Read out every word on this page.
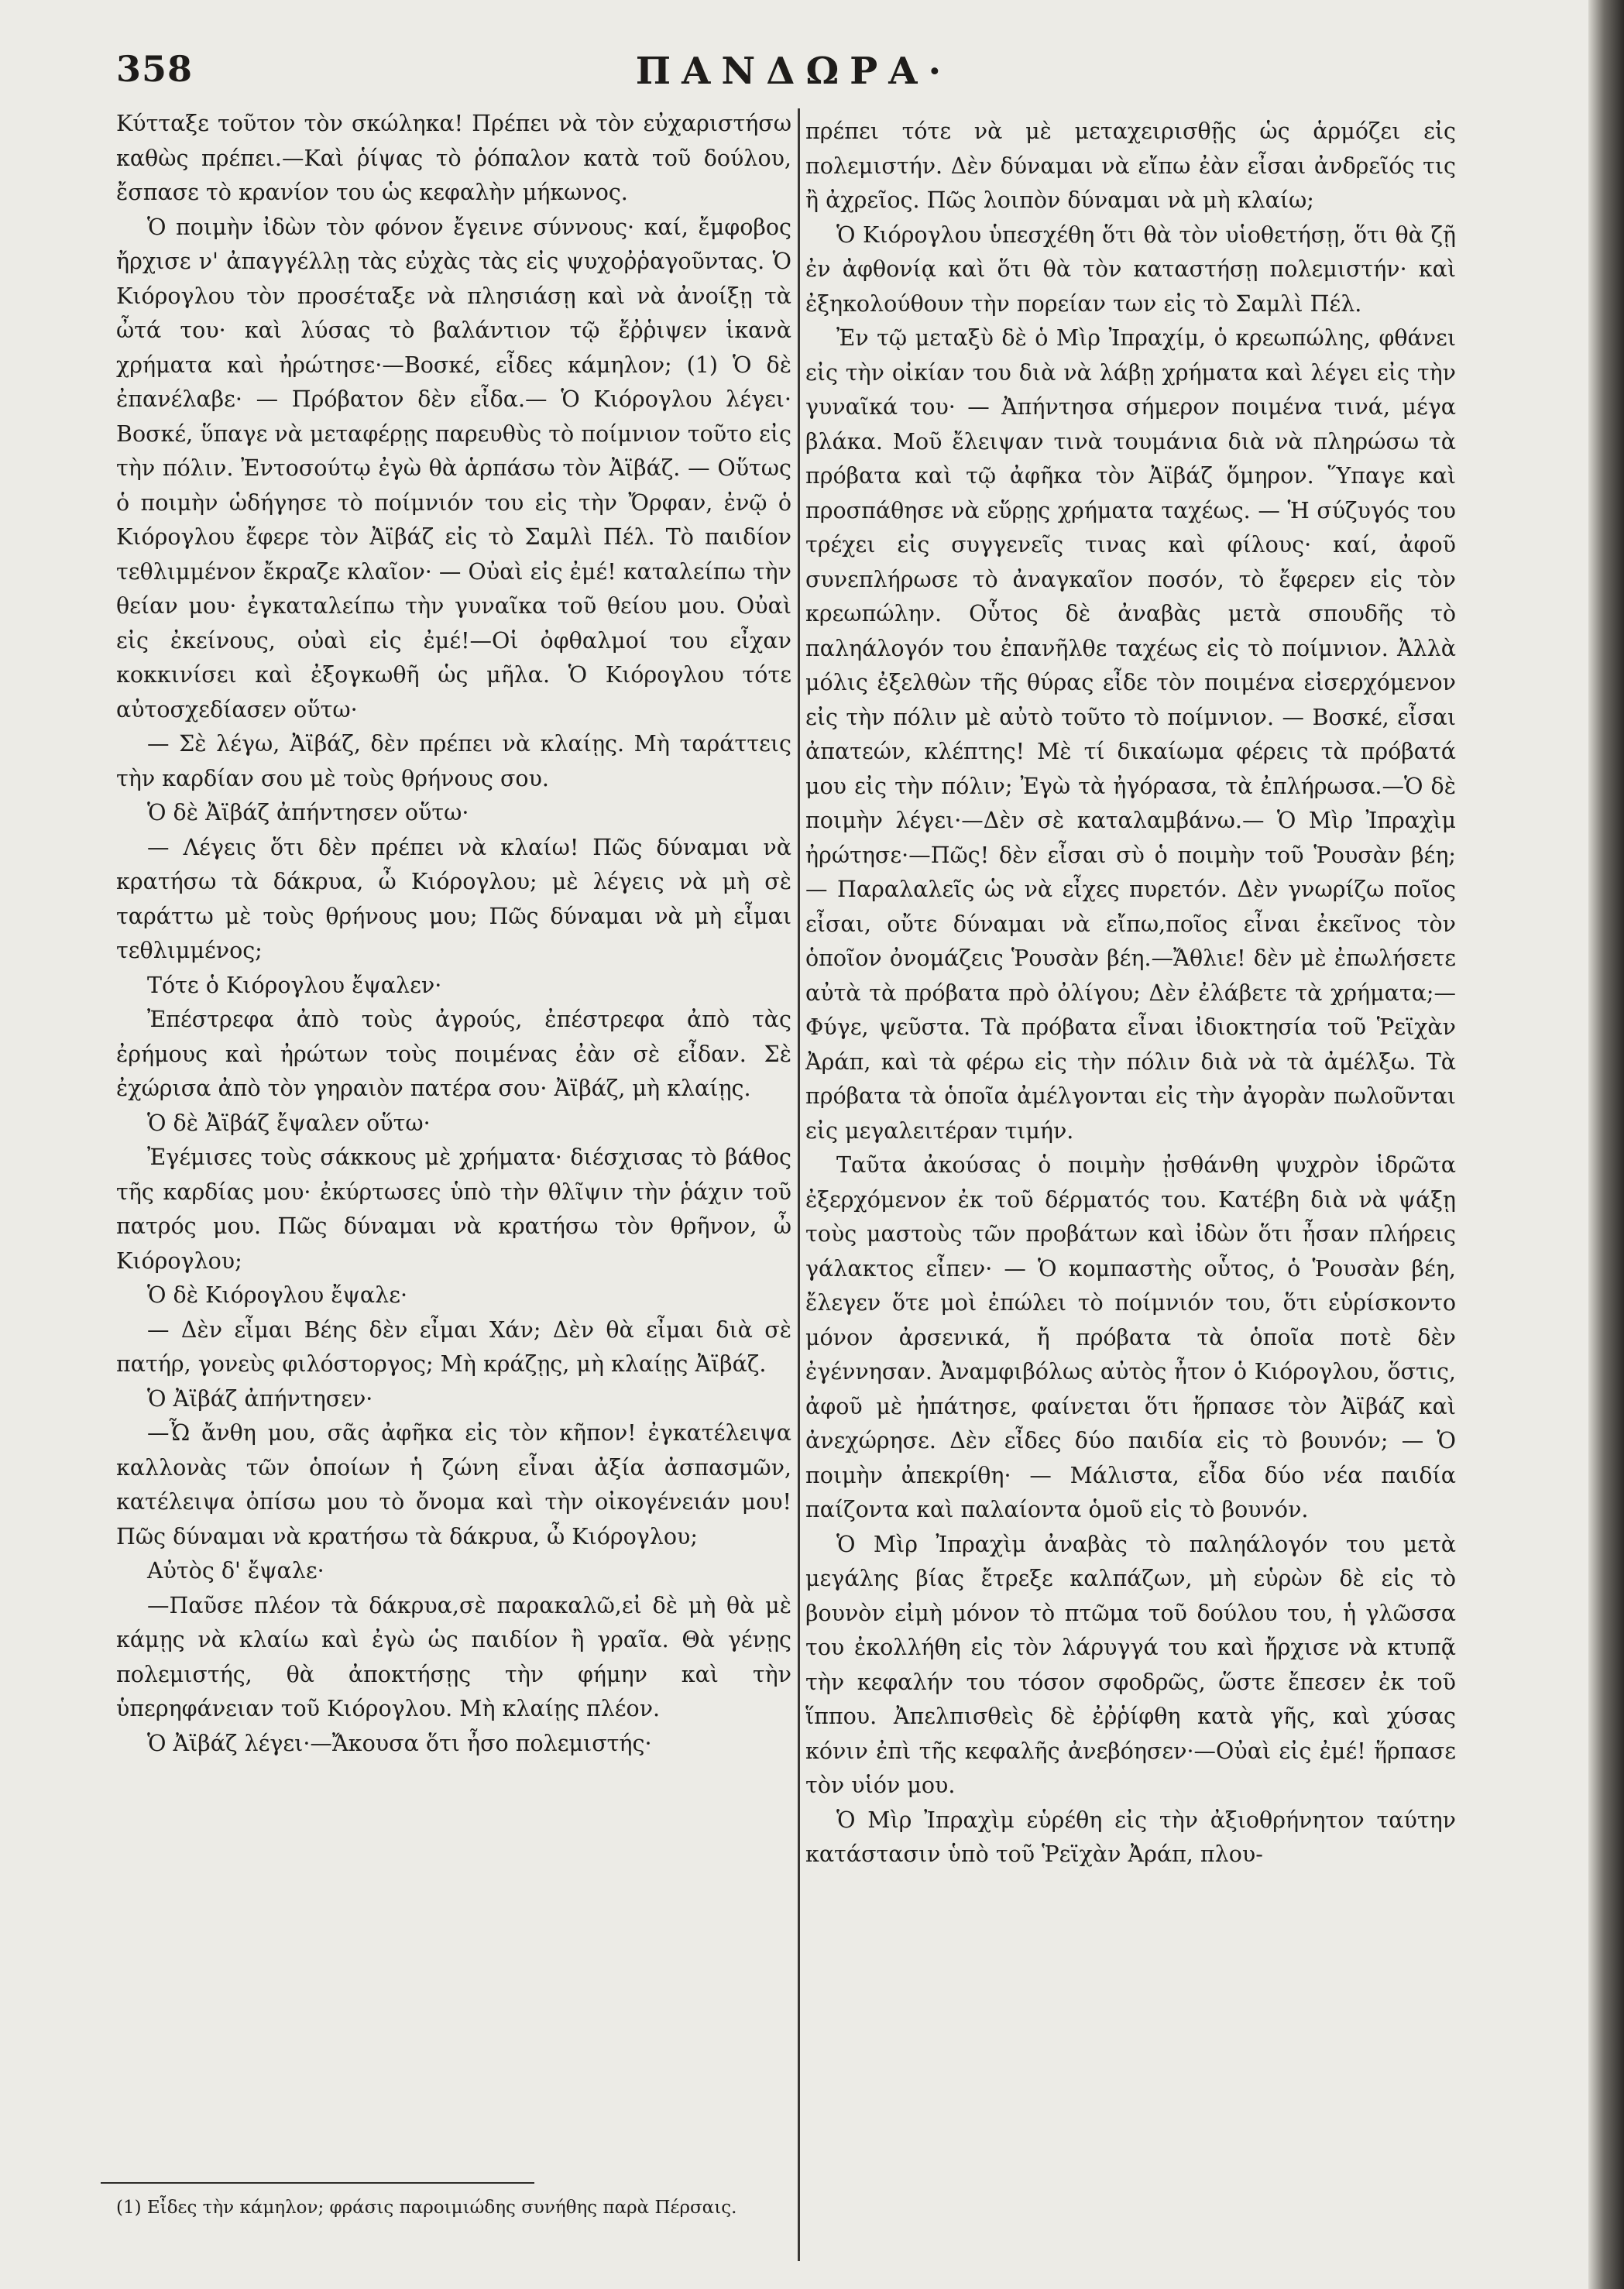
358	ΠΑΝΔΩΡΑ·

Κύτταξε τοῦτον τὸν σκώληκα! Πρέπει νὰ τὸν εὐχαριστήσω καθὼς πρέπει.—Καὶ ῥίψας τὸ ῥόπαλον κατὰ τοῦ δούλου, ἔσπασε τὸ κρανίον του ὡς κεφαλὴν μήκωνος.

Ὁ ποιμὴν ἰδὼν τὸν φόνον ἔγεινε σύννους· καί, ἔμφοβος ἤρχισε ν' ἀπαγγέλλῃ τὰς εὐχὰς τὰς εἰς ψυχοῤῥαγοῦντας. Ὁ Κιόρογλου τὸν προσέταξε νὰ πλησιάσῃ καὶ νὰ ἀνοίξῃ τὰ ὦτά του· καὶ λύσας τὸ βαλάντιον τῷ ἔῤῥιψεν ἱκανὰ χρήματα καὶ ἠρώτησε·—Βοσκέ, εἶδες κάμηλον; (1) Ὁ δὲ ἐπανέλαβε· — Πρόβατον δὲν εἶδα.— Ὁ Κιόρογλου λέγει· Βοσκέ, ὕπαγε νὰ μεταφέρῃς παρευθὺς τὸ ποίμνιον τοῦτο εἰς τὴν πόλιν. Ἐντοσούτῳ ἐγὼ θὰ ἁρπάσω τὸν Ἀϊβάζ. — Οὕτως ὁ ποιμὴν ὡδήγησε τὸ ποίμνιόν του εἰς τὴν Ὄρφαν, ἐνῷ ὁ Κιόρογλου ἔφερε τὸν Ἀϊβάζ εἰς τὸ Σαμλὶ Πέλ. Τὸ παιδίον τεθλιμμένον ἔκραζε κλαῖον· — Οὐαὶ εἰς ἐμέ! καταλείπω τὴν θείαν μου· ἐγκαταλείπω τὴν γυναῖκα τοῦ θείου μου. Οὐαὶ εἰς ἐκείνους, οὐαὶ εἰς ἐμέ!—Οἱ ὀφθαλμοί του εἶχαν κοκκινίσει καὶ ἐξογκωθῆ ὡς μῆλα. Ὁ Κιόρογλου τότε αὐτοσχεδίασεν οὕτω·

— Σὲ λέγω, Ἀϊβάζ, δὲν πρέπει νὰ κλαίῃς. Μὴ ταράττεις τὴν καρδίαν σου μὲ τοὺς θρήνους σου.

Ὁ δὲ Ἀϊβάζ ἀπήντησεν οὕτω·

— Λέγεις ὅτι δὲν πρέπει νὰ κλαίω! Πῶς δύναμαι νὰ κρατήσω τὰ δάκρυα, ὦ Κιόρογλου; μὲ λέγεις νὰ μὴ σὲ ταράττω μὲ τοὺς θρήνους μου; Πῶς δύναμαι νὰ μὴ εἶμαι τεθλιμμένος;

Τότε ὁ Κιόρογλου ἔψαλεν·

Ἐπέστρεφα ἀπὸ τοὺς ἀγρούς, ἐπέστρεφα ἀπὸ τὰς ἐρήμους καὶ ἠρώτων τοὺς ποιμένας ἐὰν σὲ εἶδαν. Σὲ ἐχώρισα ἀπὸ τὸν γηραιὸν πατέρα σου· Ἀϊβάζ, μὴ κλαίῃς.

Ὁ δὲ Ἀϊβάζ ἔψαλεν οὕτω·

Ἐγέμισες τοὺς σάκκους μὲ χρήματα· διέσχισας τὸ βάθος τῆς καρδίας μου· ἐκύρτωσες ὑπὸ τὴν θλῖψιν τὴν ῥάχιν τοῦ πατρός μου. Πῶς δύναμαι νὰ κρατήσω τὸν θρῆνον, ὦ Κιόρογλου;

Ὁ δὲ Κιόρογλου ἔψαλε·

— Δὲν εἶμαι Βέης δὲν εἶμαι Χάν; Δὲν θὰ εἶμαι διὰ σὲ πατήρ, γονεὺς φιλόστοργος; Μὴ κράζῃς, μὴ κλαίῃς Ἀϊβάζ.

Ὁ Ἀϊβάζ ἀπήντησεν·

—Ὦ ἄνθη μου, σᾶς ἀφῆκα εἰς τὸν κῆπον! ἐγκατέλειψα καλλονὰς τῶν ὁποίων ἡ ζώνη εἶναι ἀξία ἀσπασμῶν, κατέλειψα ὀπίσω μου τὸ ὄνομα καὶ τὴν οἰκογένειάν μου! Πῶς δύναμαι νὰ κρατήσω τὰ δάκρυα, ὦ Κιόρογλου;

Αὐτὸς δ' ἔψαλε·

—Παῦσε πλέον τὰ δάκρυα,σὲ παρακαλῶ,εἰ δὲ μὴ θὰ μὲ κάμῃς νὰ κλαίω καὶ ἐγὼ ὡς παιδίον ἢ γραῖα. Θὰ γένῃς πολεμιστής, θὰ ἀποκτήσῃς τὴν φήμην καὶ τὴν ὑπερηφάνειαν τοῦ Κιόρογλου. Μὴ κλαίῃς πλέον.

Ὁ Ἀϊβάζ λέγει·—Ἄκουσα ὅτι ἦσο πολεμιστής·

πρέπει τότε νὰ μὲ μεταχειρισθῇς ὡς ἁρμόζει εἰς πολεμιστήν. Δὲν δύναμαι νὰ εἴπω ἐὰν εἶσαι ἀνδρεῖός τις ἢ ἀχρεῖος. Πῶς λοιπὸν δύναμαι νὰ μὴ κλαίω;

Ὁ Κιόρογλου ὑπεσχέθη ὅτι θὰ τὸν υἱοθετήσῃ, ὅτι θὰ ζῇ ἐν ἀφθονίᾳ καὶ ὅτι θὰ τὸν καταστήσῃ πολεμιστήν· καὶ ἐξηκολούθουν τὴν πορείαν των εἰς τὸ Σαμλὶ Πέλ.

Ἐν τῷ μεταξὺ δὲ ὁ Μὶρ Ἰπραχίμ, ὁ κρεωπώλης, φθάνει εἰς τὴν οἰκίαν του διὰ νὰ λάβῃ χρήματα καὶ λέγει εἰς τὴν γυναῖκά του· — Ἀπήντησα σήμερον ποιμένα τινά, μέγα βλάκα. Μοῦ ἔλειψαν τινὰ τουμάνια διὰ νὰ πληρώσω τὰ πρόβατα καὶ τῷ ἀφῆκα τὸν Ἀϊβάζ ὅμηρον. Ὕπαγε καὶ προσπάθησε νὰ εὕρῃς χρήματα ταχέως. — Ἡ σύζυγός του τρέχει εἰς συγγενεῖς τινας καὶ φίλους· καί, ἀφοῦ συνεπλήρωσε τὸ ἀναγκαῖον ποσόν, τὸ ἔφερεν εἰς τὸν κρεωπώλην. Οὗτος δὲ ἀναβὰς μετὰ σπουδῆς τὸ παληάλογόν του ἐπανῆλθε ταχέως εἰς τὸ ποίμνιον. Ἀλλὰ μόλις ἐξελθὼν τῆς θύρας εἶδε τὸν ποιμένα εἰσερχόμενον εἰς τὴν πόλιν μὲ αὐτὸ τοῦτο τὸ ποίμνιον. — Βοσκέ, εἶσαι ἀπατεών, κλέπτης! Μὲ τί δικαίωμα φέρεις τὰ πρόβατά μου εἰς τὴν πόλιν; Ἐγὼ τὰ ἠγόρασα, τὰ ἐπλήρωσα.—Ὁ δὲ ποιμὴν λέγει·—Δὲν σὲ καταλαμβάνω.— Ὁ Μὶρ Ἰπραχὶμ ἠρώτησε·—Πῶς! δὲν εἶσαι σὺ ὁ ποιμὴν τοῦ Ῥουσὰν βέη; — Παραλαλεῖς ὡς νὰ εἶχες πυρετόν. Δὲν γνωρίζω ποῖος εἶσαι, οὔτε δύναμαι νὰ εἴπω,ποῖος εἶναι ἐκεῖνος τὸν ὁποῖον ὀνομάζεις Ῥουσὰν βέη.—Ἄθλιε! δὲν μὲ ἐπωλήσετε αὐτὰ τὰ πρόβατα πρὸ ὀλίγου; Δὲν ἐλάβετε τὰ χρήματα;—Φύγε, ψεῦστα. Τὰ πρόβατα εἶναι ἰδιοκτησία τοῦ Ῥεϊχὰν Ἀράπ, καὶ τὰ φέρω εἰς τὴν πόλιν διὰ νὰ τὰ ἀμέλξω. Τὰ πρόβατα τὰ ὁποῖα ἀμέλγονται εἰς τὴν ἀγορὰν πωλοῦνται εἰς μεγαλειτέραν τιμήν.

Ταῦτα ἀκούσας ὁ ποιμὴν ᾐσθάνθη ψυχρὸν ἱδρῶτα ἐξερχόμενον ἐκ τοῦ δέρματός του. Κατέβη διὰ νὰ ψάξῃ τοὺς μαστοὺς τῶν προβάτων καὶ ἰδὼν ὅτι ἦσαν πλήρεις γάλακτος εἶπεν· — Ὁ κομπαστὴς οὗτος, ὁ Ῥουσὰν βέη, ἔλεγεν ὅτε μοὶ ἐπώλει τὸ ποίμνιόν του, ὅτι εὑρίσκοντο μόνον ἀρσενικά, ἤ πρόβατα τὰ ὁποῖα ποτὲ δὲν ἐγέννησαν. Ἀναμφιβόλως αὐτὸς ἦτον ὁ Κιόρογλου, ὅστις, ἀφοῦ μὲ ἠπάτησε, φαίνεται ὅτι ἥρπασε τὸν Ἀϊβάζ καὶ ἀνεχώρησε. Δὲν εἶδες δύο παιδία εἰς τὸ βουνόν; — Ὁ ποιμὴν ἀπεκρίθη· — Μάλιστα, εἶδα δύο νέα παιδία παίζοντα καὶ παλαίοντα ὁμοῦ εἰς τὸ βουνόν.

Ὁ Μὶρ Ἰπραχὶμ ἀναβὰς τὸ παληάλογόν του μετὰ μεγάλης βίας ἔτρεξε καλπάζων, μὴ εὑρὼν δὲ εἰς τὸ βουνὸν εἰμὴ μόνον τὸ πτῶμα τοῦ δούλου του, ἡ γλῶσσα του ἐκολλήθη εἰς τὸν λάρυγγά του καὶ ἤρχισε νὰ κτυπᾷ τὴν κεφαλήν του τόσον σφοδρῶς, ὥστε ἔπεσεν ἐκ τοῦ ἵππου. Ἀπελπισθεὶς δὲ ἐῤῥίφθη κατὰ γῆς, καὶ χύσας κόνιν ἐπὶ τῆς κεφαλῆς ἀνεβόησεν·—Οὐαὶ εἰς ἐμέ! ἥρπασε τὸν υἱόν μου.

Ὁ Μὶρ Ἰπραχὶμ εὑρέθη εἰς τὴν ἀξιοθρήνητον ταύτην κατάστασιν ὑπὸ τοῦ Ῥεϊχὰν Ἀράπ, πλου-

(1) Εἶδες τὴν κάμηλον; φράσις παροιμιώδης συνήθης παρὰ Πέρσαις.
